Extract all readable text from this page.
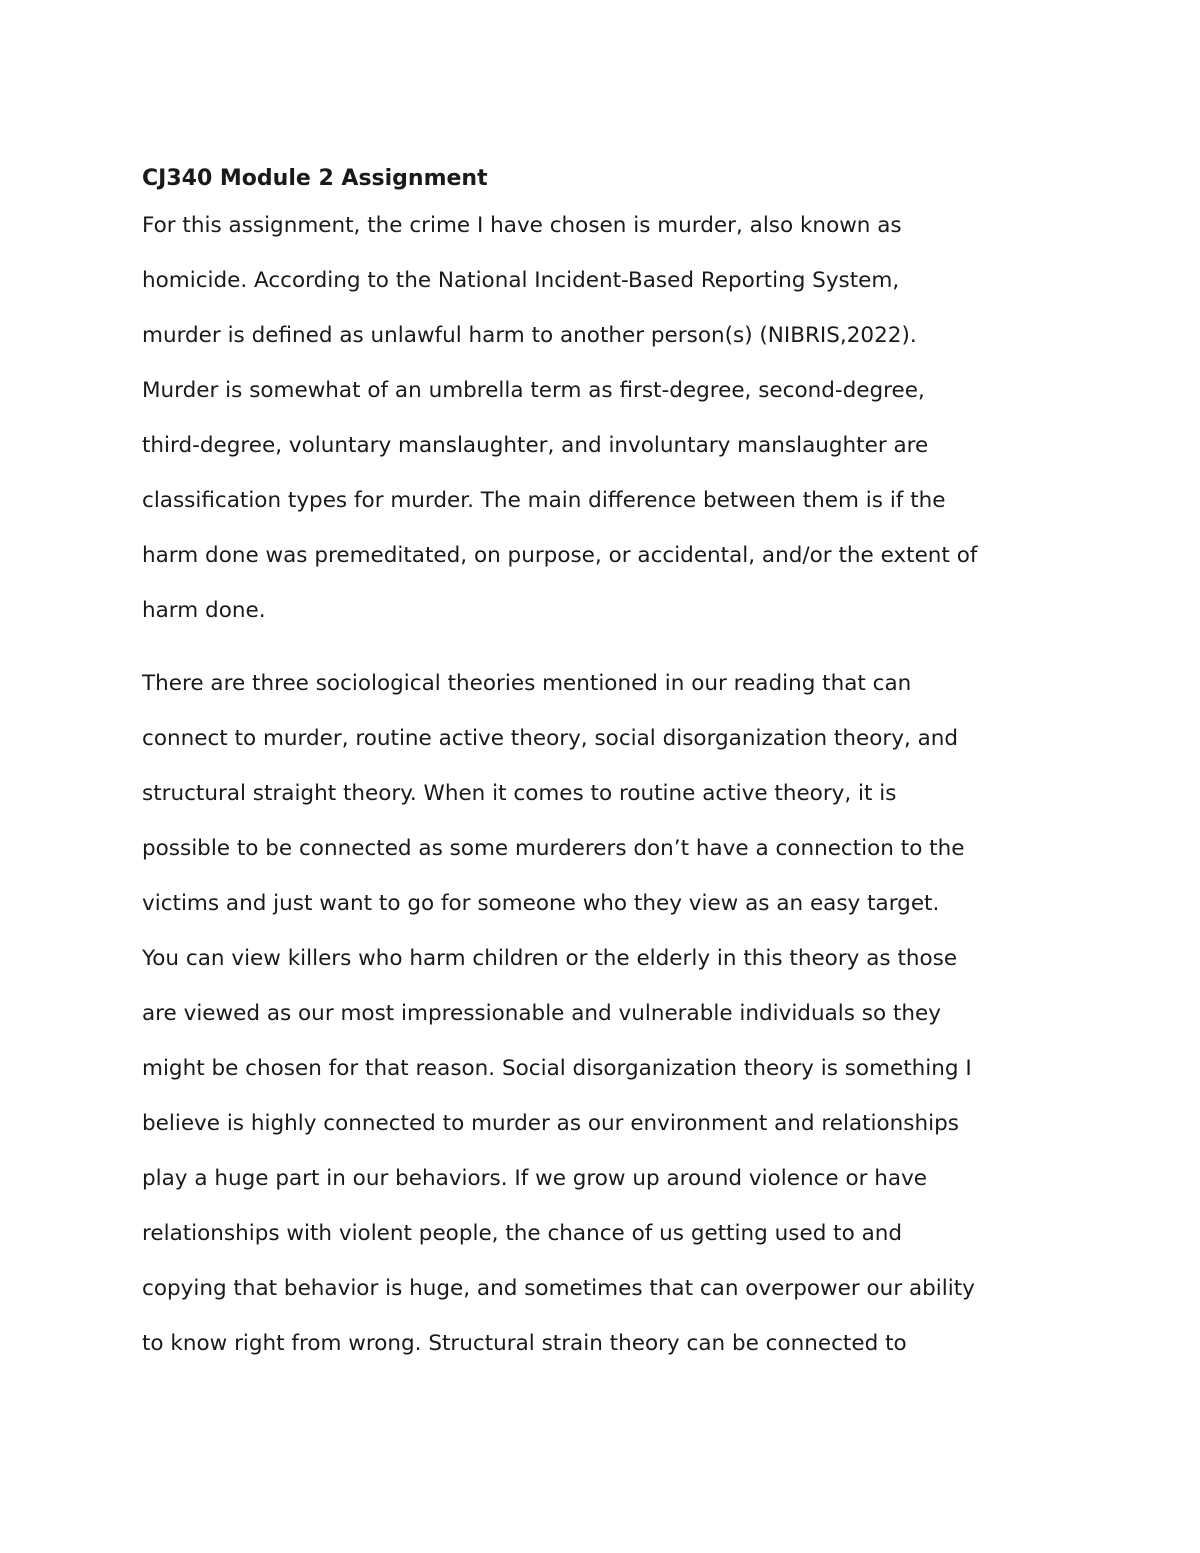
CJ340 Module 2 Assignment
For this assignment, the crime I have chosen is murder, also known as
homicide. According to the National Incident-Based Reporting System,
murder is defined as unlawful harm to another person(s) (NIBRIS,2022).
Murder is somewhat of an umbrella term as first-degree, second-degree,
third-degree, voluntary manslaughter, and involuntary manslaughter are
classification types for murder. The main difference between them is if the
harm done was premeditated, on purpose, or accidental, and/or the extent of
harm done.
There are three sociological theories mentioned in our reading that can
connect to murder, routine active theory, social disorganization theory, and
structural straight theory. When it comes to routine active theory, it is
possible to be connected as some murderers don’t have a connection to the
victims and just want to go for someone who they view as an easy target.
You can view killers who harm children or the elderly in this theory as those
are viewed as our most impressionable and vulnerable individuals so they
might be chosen for that reason. Social disorganization theory is something I
believe is highly connected to murder as our environment and relationships
play a huge part in our behaviors. If we grow up around violence or have
relationships with violent people, the chance of us getting used to and
copying that behavior is huge, and sometimes that can overpower our ability
to know right from wrong. Structural strain theory can be connected to
